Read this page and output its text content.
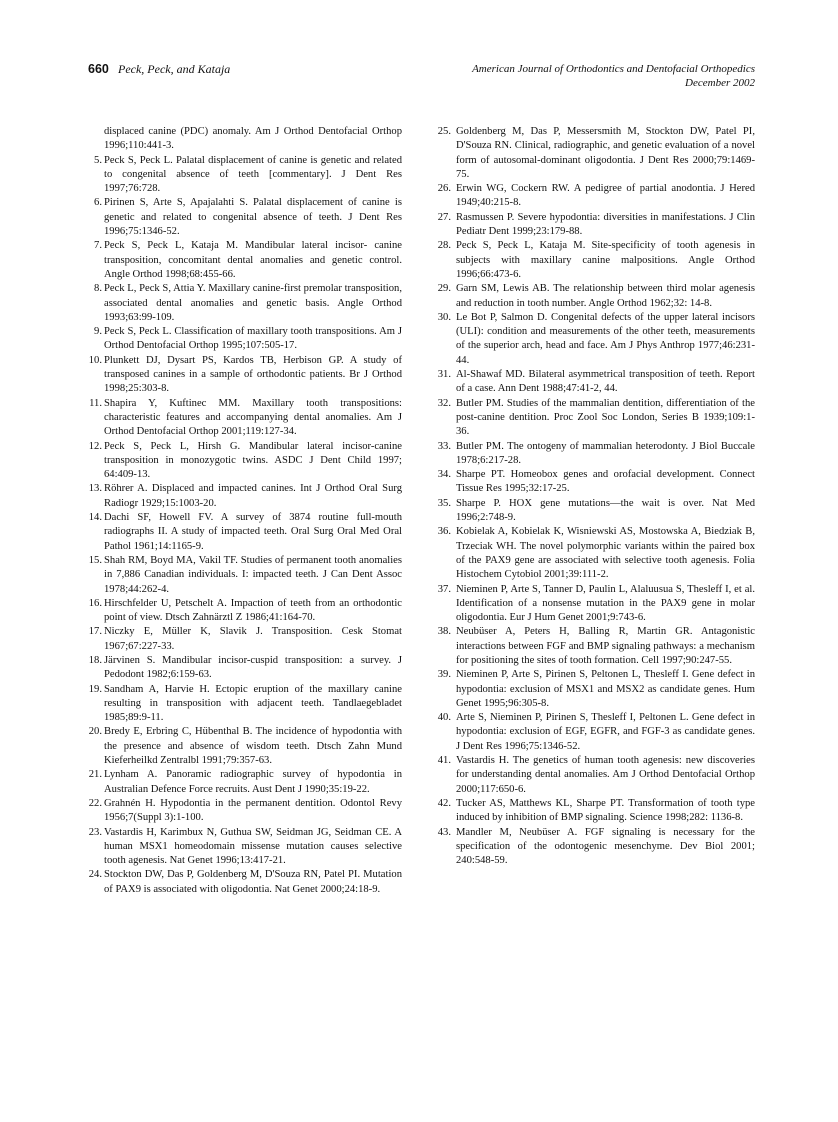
660 Peck, Peck, and Kataja	American Journal of Orthodontics and Dentofacial Orthopedics
December 2002
displaced canine (PDC) anomaly. Am J Orthod Dentofacial Orthop 1996;110:441-3.
5. Peck S, Peck L. Palatal displacement of canine is genetic and related to congenital absence of teeth [commentary]. J Dent Res 1997;76:728.
6. Pirinen S, Arte S, Apajalahti S. Palatal displacement of canine is genetic and related to congenital absence of teeth. J Dent Res 1996;75:1346-52.
7. Peck S, Peck L, Kataja M. Mandibular lateral incisor- canine transposition, concomitant dental anomalies and genetic control. Angle Orthod 1998;68:455-66.
8. Peck L, Peck S, Attia Y. Maxillary canine-first premolar transposition, associated dental anomalies and genetic basis. Angle Orthod 1993;63:99-109.
9. Peck S, Peck L. Classification of maxillary tooth transpositions. Am J Orthod Dentofacial Orthop 1995;107:505-17.
10. Plunkett DJ, Dysart PS, Kardos TB, Herbison GP. A study of transposed canines in a sample of orthodontic patients. Br J Orthod 1998;25:303-8.
11. Shapira Y, Kuftinec MM. Maxillary tooth transpositions: characteristic features and accompanying dental anomalies. Am J Orthod Dentofacial Orthop 2001;119:127-34.
12. Peck S, Peck L, Hirsh G. Mandibular lateral incisor-canine transposition in monozygotic twins. ASDC J Dent Child 1997; 64:409-13.
13. Röhrer A. Displaced and impacted canines. Int J Orthod Oral Surg Radiogr 1929;15:1003-20.
14. Dachi SF, Howell FV. A survey of 3874 routine full-mouth radiographs II. A study of impacted teeth. Oral Surg Oral Med Oral Pathol 1961;14:1165-9.
15. Shah RM, Boyd MA, Vakil TF. Studies of permanent tooth anomalies in 7,886 Canadian individuals. I: impacted teeth. J Can Dent Assoc 1978;44:262-4.
16. Hirschfelder U, Petschelt A. Impaction of teeth from an orthodontic point of view. Dtsch Zahnärztl Z 1986;41:164-70.
17. Niczky E, Müller K, Slavik J. Transposition. Cesk Stomat 1967;67:227-33.
18. Järvinen S. Mandibular incisor-cuspid transposition: a survey. J Pedodont 1982;6:159-63.
19. Sandham A, Harvie H. Ectopic eruption of the maxillary canine resulting in transposition with adjacent teeth. Tandlaegebladet 1985;89:9-11.
20. Bredy E, Erbring C, Hübenthal B. The incidence of hypodontia with the presence and absence of wisdom teeth. Dtsch Zahn Mund Kieferheilkd Zentralbl 1991;79:357-63.
21. Lynham A. Panoramic radiographic survey of hypodontia in Australian Defence Force recruits. Aust Dent J 1990;35:19-22.
22. Grahnén H. Hypodontia in the permanent dentition. Odontol Revy 1956;7(Suppl 3):1-100.
23. Vastardis H, Karimbux N, Guthua SW, Seidman JG, Seidman CE. A human MSX1 homeodomain missense mutation causes selective tooth agenesis. Nat Genet 1996;13:417-21.
24. Stockton DW, Das P, Goldenberg M, D'Souza RN, Patel PI. Mutation of PAX9 is associated with oligodontia. Nat Genet 2000;24:18-9.
25. Goldenberg M, Das P, Messersmith M, Stockton DW, Patel PI, D'Souza RN. Clinical, radiographic, and genetic evaluation of a novel form of autosomal-dominant oligodontia. J Dent Res 2000;79:1469-75.
26. Erwin WG, Cockern RW. A pedigree of partial anodontia. J Hered 1949;40:215-8.
27. Rasmussen P. Severe hypodontia: diversities in manifestations. J Clin Pediatr Dent 1999;23:179-88.
28. Peck S, Peck L, Kataja M. Site-specificity of tooth agenesis in subjects with maxillary canine malpositions. Angle Orthod 1996;66:473-6.
29. Garn SM, Lewis AB. The relationship between third molar agenesis and reduction in tooth number. Angle Orthod 1962;32: 14-8.
30. Le Bot P, Salmon D. Congenital defects of the upper lateral incisors (ULI): condition and measurements of the other teeth, measurements of the superior arch, head and face. Am J Phys Anthrop 1977;46:231-44.
31. Al-Shawaf MD. Bilateral asymmetrical transposition of teeth. Report of a case. Ann Dent 1988;47:41-2, 44.
32. Butler PM. Studies of the mammalian dentition, differentiation of the post-canine dentition. Proc Zool Soc London, Series B 1939;109:1-36.
33. Butler PM. The ontogeny of mammalian heterodonty. J Biol Buccale 1978;6:217-28.
34. Sharpe PT. Homeobox genes and orofacial development. Connect Tissue Res 1995;32:17-25.
35. Sharpe P. HOX gene mutations—the wait is over. Nat Med 1996;2:748-9.
36. Kobielak A, Kobielak K, Wisniewski AS, Mostowska A, Biedziak B, Trzeciak WH. The novel polymorphic variants within the paired box of the PAX9 gene are associated with selective tooth agenesis. Folia Histochem Cytobiol 2001;39:111-2.
37. Nieminen P, Arte S, Tanner D, Paulin L, Alaluusua S, Thesleff I, et al. Identification of a nonsense mutation in the PAX9 gene in molar oligodontia. Eur J Hum Genet 2001;9:743-6.
38. Neubüser A, Peters H, Balling R, Martin GR. Antagonistic interactions between FGF and BMP signaling pathways: a mechanism for positioning the sites of tooth formation. Cell 1997;90:247-55.
39. Nieminen P, Arte S, Pirinen S, Peltonen L, Thesleff I. Gene defect in hypodontia: exclusion of MSX1 and MSX2 as candidate genes. Hum Genet 1995;96:305-8.
40. Arte S, Nieminen P, Pirinen S, Thesleff I, Peltonen L. Gene defect in hypodontia: exclusion of EGF, EGFR, and FGF-3 as candidate genes. J Dent Res 1996;75:1346-52.
41. Vastardis H. The genetics of human tooth agenesis: new discoveries for understanding dental anomalies. Am J Orthod Dentofacial Orthop 2000;117:650-6.
42. Tucker AS, Matthews KL, Sharpe PT. Transformation of tooth type induced by inhibition of BMP signaling. Science 1998;282: 1136-8.
43. Mandler M, Neubüser A. FGF signaling is necessary for the specification of the odontogenic mesenchyme. Dev Biol 2001; 240:548-59.
